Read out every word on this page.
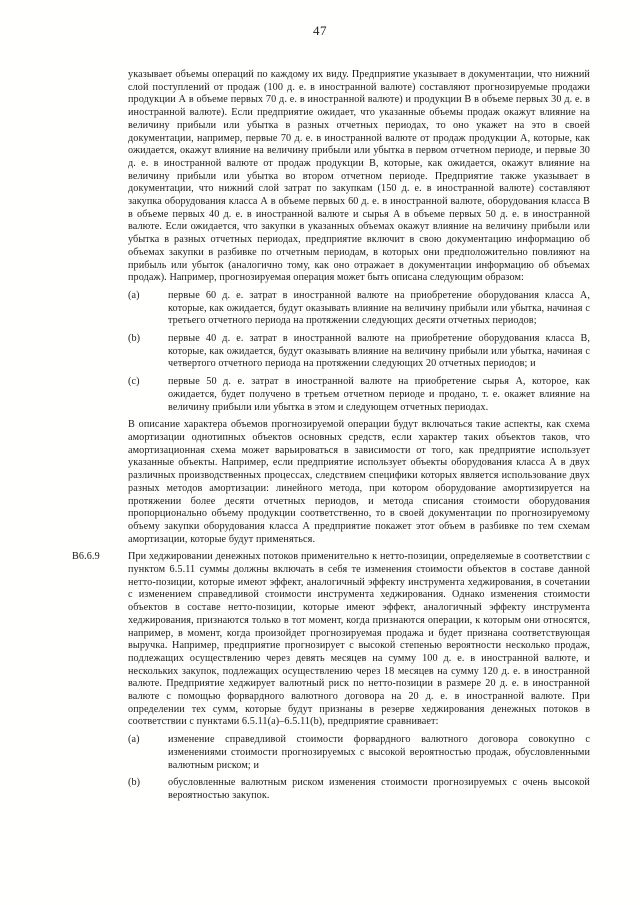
47
указывает объемы операций по каждому их виду. Предприятие указывает в документации, что нижний слой поступлений от продаж (100 д. е. в иностранной валюте) составляют прогнозируемые продажи продукции А в объеме первых 70 д. е. в иностранной валюте) и продукции В в объеме первых 30 д. е. в иностранной валюте). Если предприятие ожидает, что указанные объемы продаж окажут влияние на величину прибыли или убытка в разных отчетных периодах, то оно укажет на это в своей документации, например, первые 70 д. е. в иностранной валюте от продаж продукции А, которые, как ожидается, окажут влияние на величину прибыли или убытка в первом отчетном периоде, и первые 30 д. е. в иностранной валюте от продаж продукции В, которые, как ожидается, окажут влияние на величину прибыли или убытка во втором отчетном периоде. Предприятие также указывает в документации, что нижний слой затрат по закупкам (150 д. е. в иностранной валюте) составляют закупка оборудования класса А в объеме первых 60 д. е. в иностранной валюте, оборудования класса В в объеме первых 40 д. е. в иностранной валюте и сырья А в объеме первых 50 д. е. в иностранной валюте. Если ожидается, что закупки в указанных объемах окажут влияние на величину прибыли или убытка в разных отчетных периодах, предприятие включит в свою документацию информацию об объемах закупки в разбивке по отчетным периодам, в которых они предположительно повлияют на прибыль или убыток (аналогично тому, как оно отражает в документации информацию об объемах продаж). Например, прогнозируемая операция может быть описана следующим образом:
(a)	первые 60 д. е. затрат в иностранной валюте на приобретение оборудования класса А, которые, как ожидается, будут оказывать влияние на величину прибыли или убытка, начиная с третьего отчетного периода на протяжении следующих десяти отчетных периодов;
(b)	первые 40 д. е. затрат в иностранной валюте на приобретение оборудования класса В, которые, как ожидается, будут оказывать влияние на величину прибыли или убытка, начиная с четвертого отчетного периода на протяжении следующих 20 отчетных периодов; и
(c)	первые 50 д. е. затрат в иностранной валюте на приобретение сырья А, которое, как ожидается, будет получено в третьем отчетном периоде и продано, т. е. окажет влияние на величину прибыли или убытка в этом и следующем отчетных периодах.
В описание характера объемов прогнозируемой операции будут включаться такие аспекты, как схема амортизации однотипных объектов основных средств, если характер таких объектов таков, что амортизационная схема может варьироваться в зависимости от того, как предприятие использует указанные объекты. Например, если предприятие использует объекты оборудования класса А в двух различных производственных процессах, следствием специфики которых является использование двух разных методов амортизации: линейного метода, при котором оборудование амортизируется на протяжении более десяти отчетных периодов, и метода списания стоимости оборудования пропорционально объему продукции соответственно, то в своей документации по прогнозируемому объему закупки оборудования класса А предприятие покажет этот объем в разбивке по тем схемам амортизации, которые будут применяться.
В6.6.9	При хеджировании денежных потоков применительно к нетто-позиции, определяемые в соответствии с пунктом 6.5.11 суммы должны включать в себя те изменения стоимости объектов в составе данной нетто-позиции, которые имеют эффект, аналогичный эффекту инструмента хеджирования, в сочетании с изменением справедливой стоимости инструмента хеджирования. Однако изменения стоимости объектов в составе нетто-позиции, которые имеют эффект, аналогичный эффекту инструмента хеджирования, признаются только в тот момент, когда признаются операции, к которым они относятся, например, в момент, когда произойдет прогнозируемая продажа и будет признана соответствующая выручка. Например, предприятие прогнозирует с высокой степенью вероятности несколько продаж, подлежащих осуществлению через девять месяцев на сумму 100 д. е. в иностранной валюте, и нескольких закупок, подлежащих осуществлению через 18 месяцев на сумму 120 д. е. в иностранной валюте. Предприятие хеджирует валютный риск по нетто-позиции в размере 20 д. е. в иностранной валюте с помощью форвардного валютного договора на 20 д. е. в иностранной валюте. При определении тех сумм, которые будут признаны в резерве хеджирования денежных потоков в соответствии с пунктами 6.5.11(a)–6.5.11(b), предприятие сравнивает:
(a)	изменение справедливой стоимости форвардного валютного договора совокупно с изменениями стоимости прогнозируемых с высокой вероятностью продаж, обусловленными валютным риском; и
(b)	обусловленные валютным риском изменения стоимости прогнозируемых с очень высокой вероятностью закупок.
